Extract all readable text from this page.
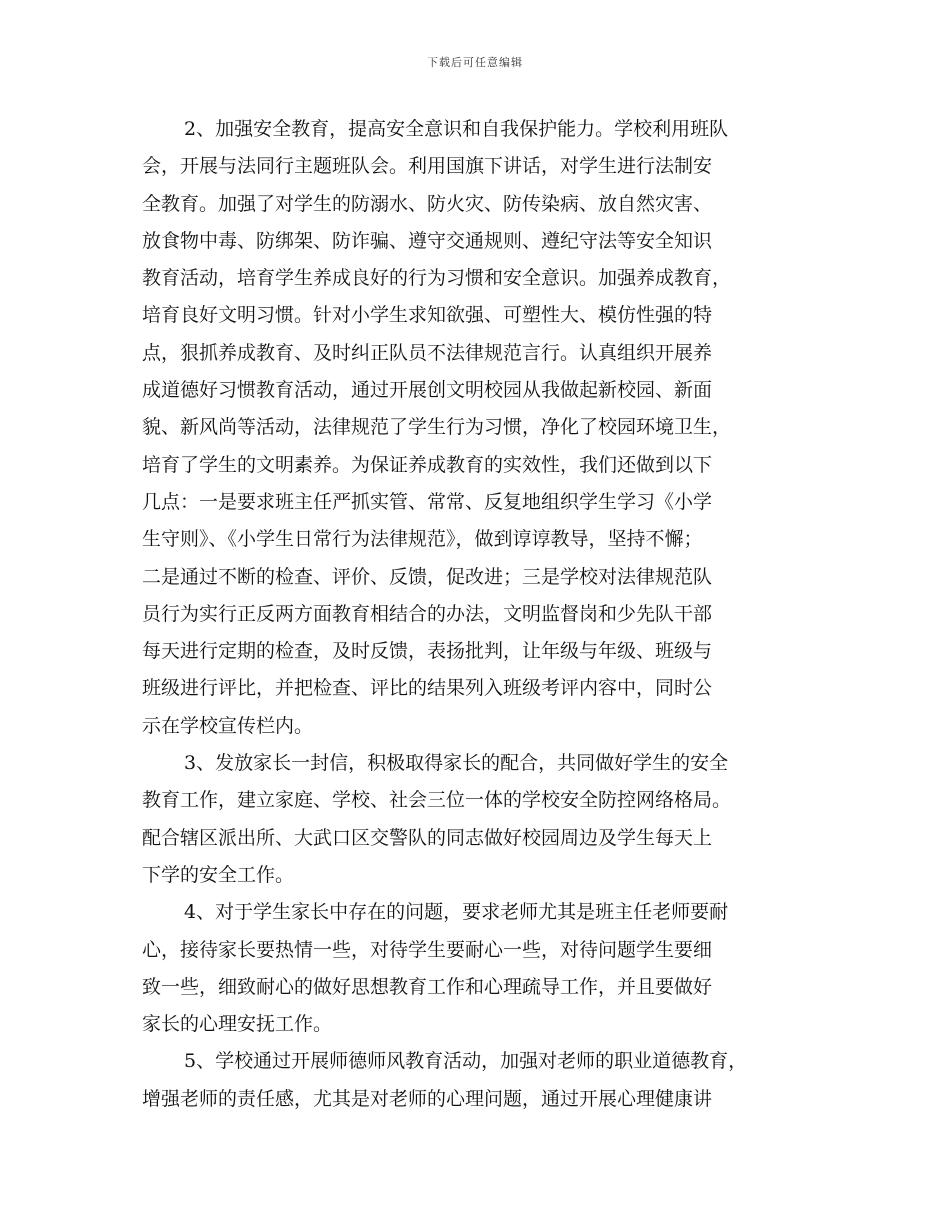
下载后可任意编辑
2、加强安全教育，提高安全意识和自我保护能力。学校利用班队
会，开展与法同行主题班队会。利用国旗下讲话，对学生进行法制安
全教育。加强了对学生的防溺水、防火灾、防传染病、放自然灾害、
放食物中毒、防绑架、防诈骗、遵守交通规则、遵纪守法等安全知识
教育活动，培育学生养成良好的行为习惯和安全意识。加强养成教育，
培育良好文明习惯。针对小学生求知欲强、可塑性大、模仿性强的特
点，狠抓养成教育、及时纠正队员不法律规范言行。认真组织开展养
成道德好习惯教育活动，通过开展创文明校园从我做起新校园、新面
貌、新风尚等活动，法律规范了学生行为习惯，净化了校园环境卫生，
培育了学生的文明素养。为保证养成教育的实效性，我们还做到以下
几点：一是要求班主任严抓实管、常常、反复地组织学生学习《小学
生守则》、《小学生日常行为法律规范》，做到谆谆教导，坚持不懈；
二是通过不断的检查、评价、反馈，促改进；三是学校对法律规范队
员行为实行正反两方面教育相结合的办法，文明监督岗和少先队干部
每天进行定期的检查，及时反馈，表扬批判，让年级与年级、班级与
班级进行评比，并把检查、评比的结果列入班级考评内容中，同时公
示在学校宣传栏内。
3、发放家长一封信，积极取得家长的配合，共同做好学生的安全
教育工作，建立家庭、学校、社会三位一体的学校安全防控网络格局。
配合辖区派出所、大武口区交警队的同志做好校园周边及学生每天上
下学的安全工作。
4、对于学生家长中存在的问题，要求老师尤其是班主任老师要耐
心，接待家长要热情一些，对待学生要耐心一些，对待问题学生要细
致一些，细致耐心的做好思想教育工作和心理疏导工作，并且要做好
家长的心理安抚工作。
5、学校通过开展师德师风教育活动，加强对老师的职业道德教育，
增强老师的责任感，尤其是对老师的心理问题，通过开展心理健康讲
